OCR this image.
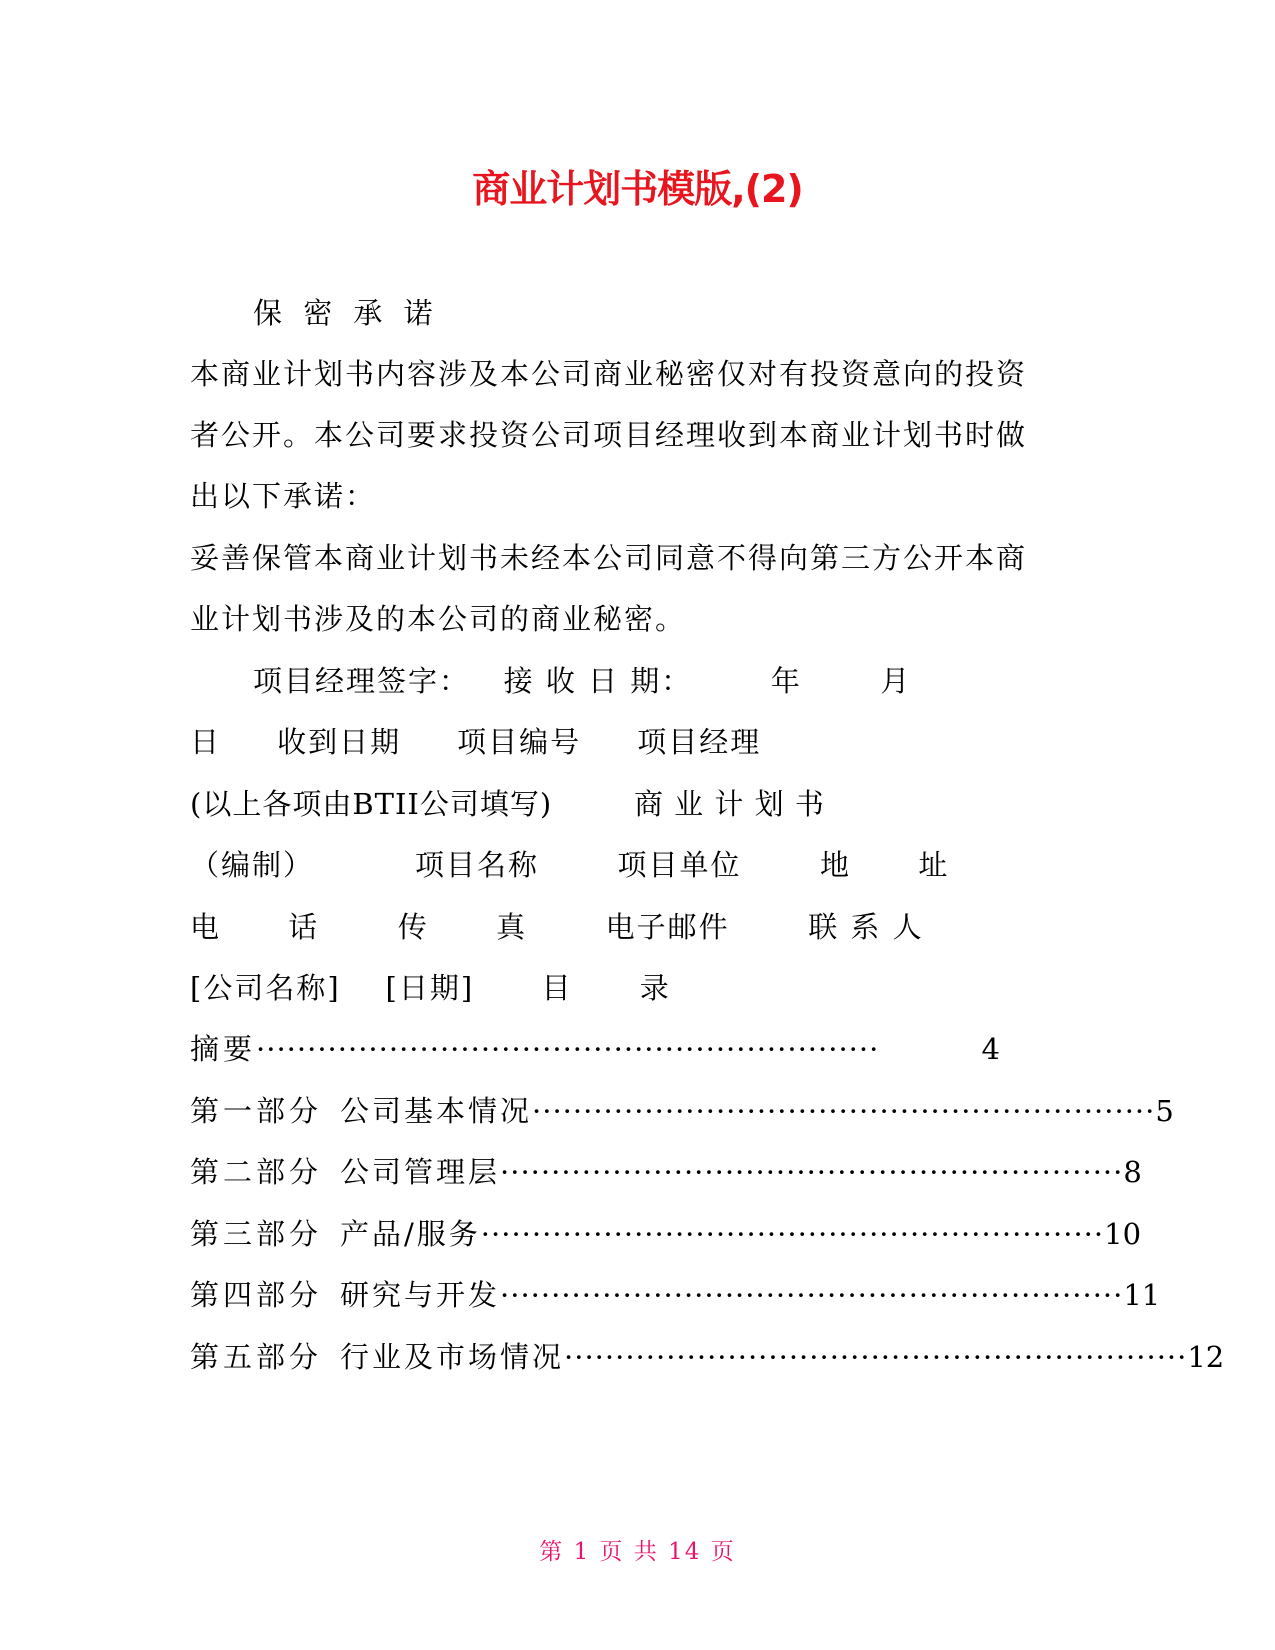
商业计划书模版,(2)
保 密 承 诺
本商业计划书内容涉及本公司商业秘密仅对有投资意向的投资
者公开。本公司要求投资公司项目经理收到本商业计划书时做
出以下承诺：
妥善保管本商业计划书未经本公司同意不得向第三方公开本商
业计划书涉及的本公司的商业秘密。
项目经理签字：   接 收 日 期：       年       月
日     收到日期     项目编号     项目经理
(以上各项由BTII公司填写)        商 业 计 划 书
（编制）         项目名称       项目单位       地      址
电      话       传      真       电子邮件       联 系 人
[公司名称]    [日期]      目      录
摘要 ·····························································	4
第一部分 公司基本情况 ····························································· 5
第二部分 公司管理层 ····························································· 8
第三部分 产品/服务 ····························································· 10
第四部分 研究与开发 ····························································· 11
第五部分 行业及市场情况 ····························································· 12
第 1 页 共 14 页
